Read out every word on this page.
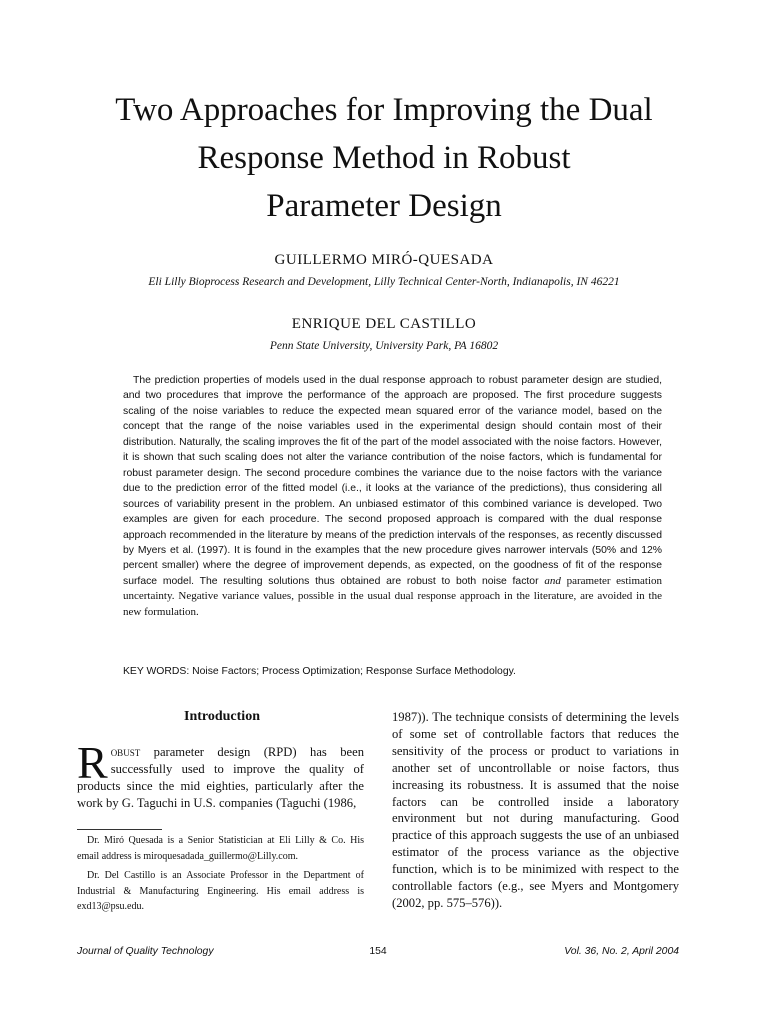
Two Approaches for Improving the Dual
Response Method in Robust
Parameter Design
GUILLERMO MIRÓ-QUESADA
Eli Lilly Bioprocess Research and Development, Lilly Technical Center-North, Indianapolis, IN 46221
ENRIQUE DEL CASTILLO
Penn State University, University Park, PA 16802

The prediction properties of models used in the dual response approach to robust parameter design are studied, and two procedures that improve the performance of the approach are proposed. The first procedure suggests scaling of the noise variables to reduce the expected mean squared error of the variance model, based on the concept that the range of the noise variables used in the experimental design should contain most of their distribution. Naturally, the scaling improves the fit of the part of the model associated with the noise factors. However, it is shown that such scaling does not alter the variance contribution of the noise factors, which is fundamental for robust parameter design. The second procedure combines the variance due to the noise factors with the variance due to the prediction error of the fitted model (i.e., it looks at the variance of the predictions), thus considering all sources of variability present in the problem. An unbiased estimator of this combined variance is developed. Two examples are given for each procedure. The second proposed approach is compared with the dual response approach recommended in the literature by means of the prediction intervals of the responses, as recently discussed by Myers et al. (1997). It is found in the examples that the new procedure gives narrower intervals (50% and 12% percent smaller) where the degree of improvement depends, as expected, on the goodness of fit of the response surface model. The resulting solutions thus obtained are robust to both noise factor and parameter estimation uncertainty. Negative variance values, possible in the usual dual response approach in the literature, are avoided in the new formulation.

KEY WORDS: Noise Factors; Process Optimization; Response Surface Methodology.
Introduction
Robust parameter design (RPD) has been successfully used to improve the quality of products since the mid eighties, particularly after the work by G. Taguchi in U.S. companies (Taguchi (1986,
1987)). The technique consists of determining the levels of some set of controllable factors that reduces the sensitivity of the process or product to variations in another set of uncontrollable or noise factors, thus increasing its robustness. It is assumed that the noise factors can be controlled inside a laboratory environment but not during manufacturing. Good practice of this approach suggests the use of an unbiased estimator of the process variance as the objective function, which is to be minimized with respect to the controllable factors (e.g., see Myers and Montgomery (2002, pp. 575–576)).
Dr. Miró Quesada is a Senior Statistician at Eli Lilly & Co. His email address is miroquesadada_guillermo@Lilly.com.
Dr. Del Castillo is an Associate Professor in the Department of Industrial & Manufacturing Engineering. His email address is exd13@psu.edu.
Journal of Quality Technology	154	Vol. 36, No. 2, April 2004
